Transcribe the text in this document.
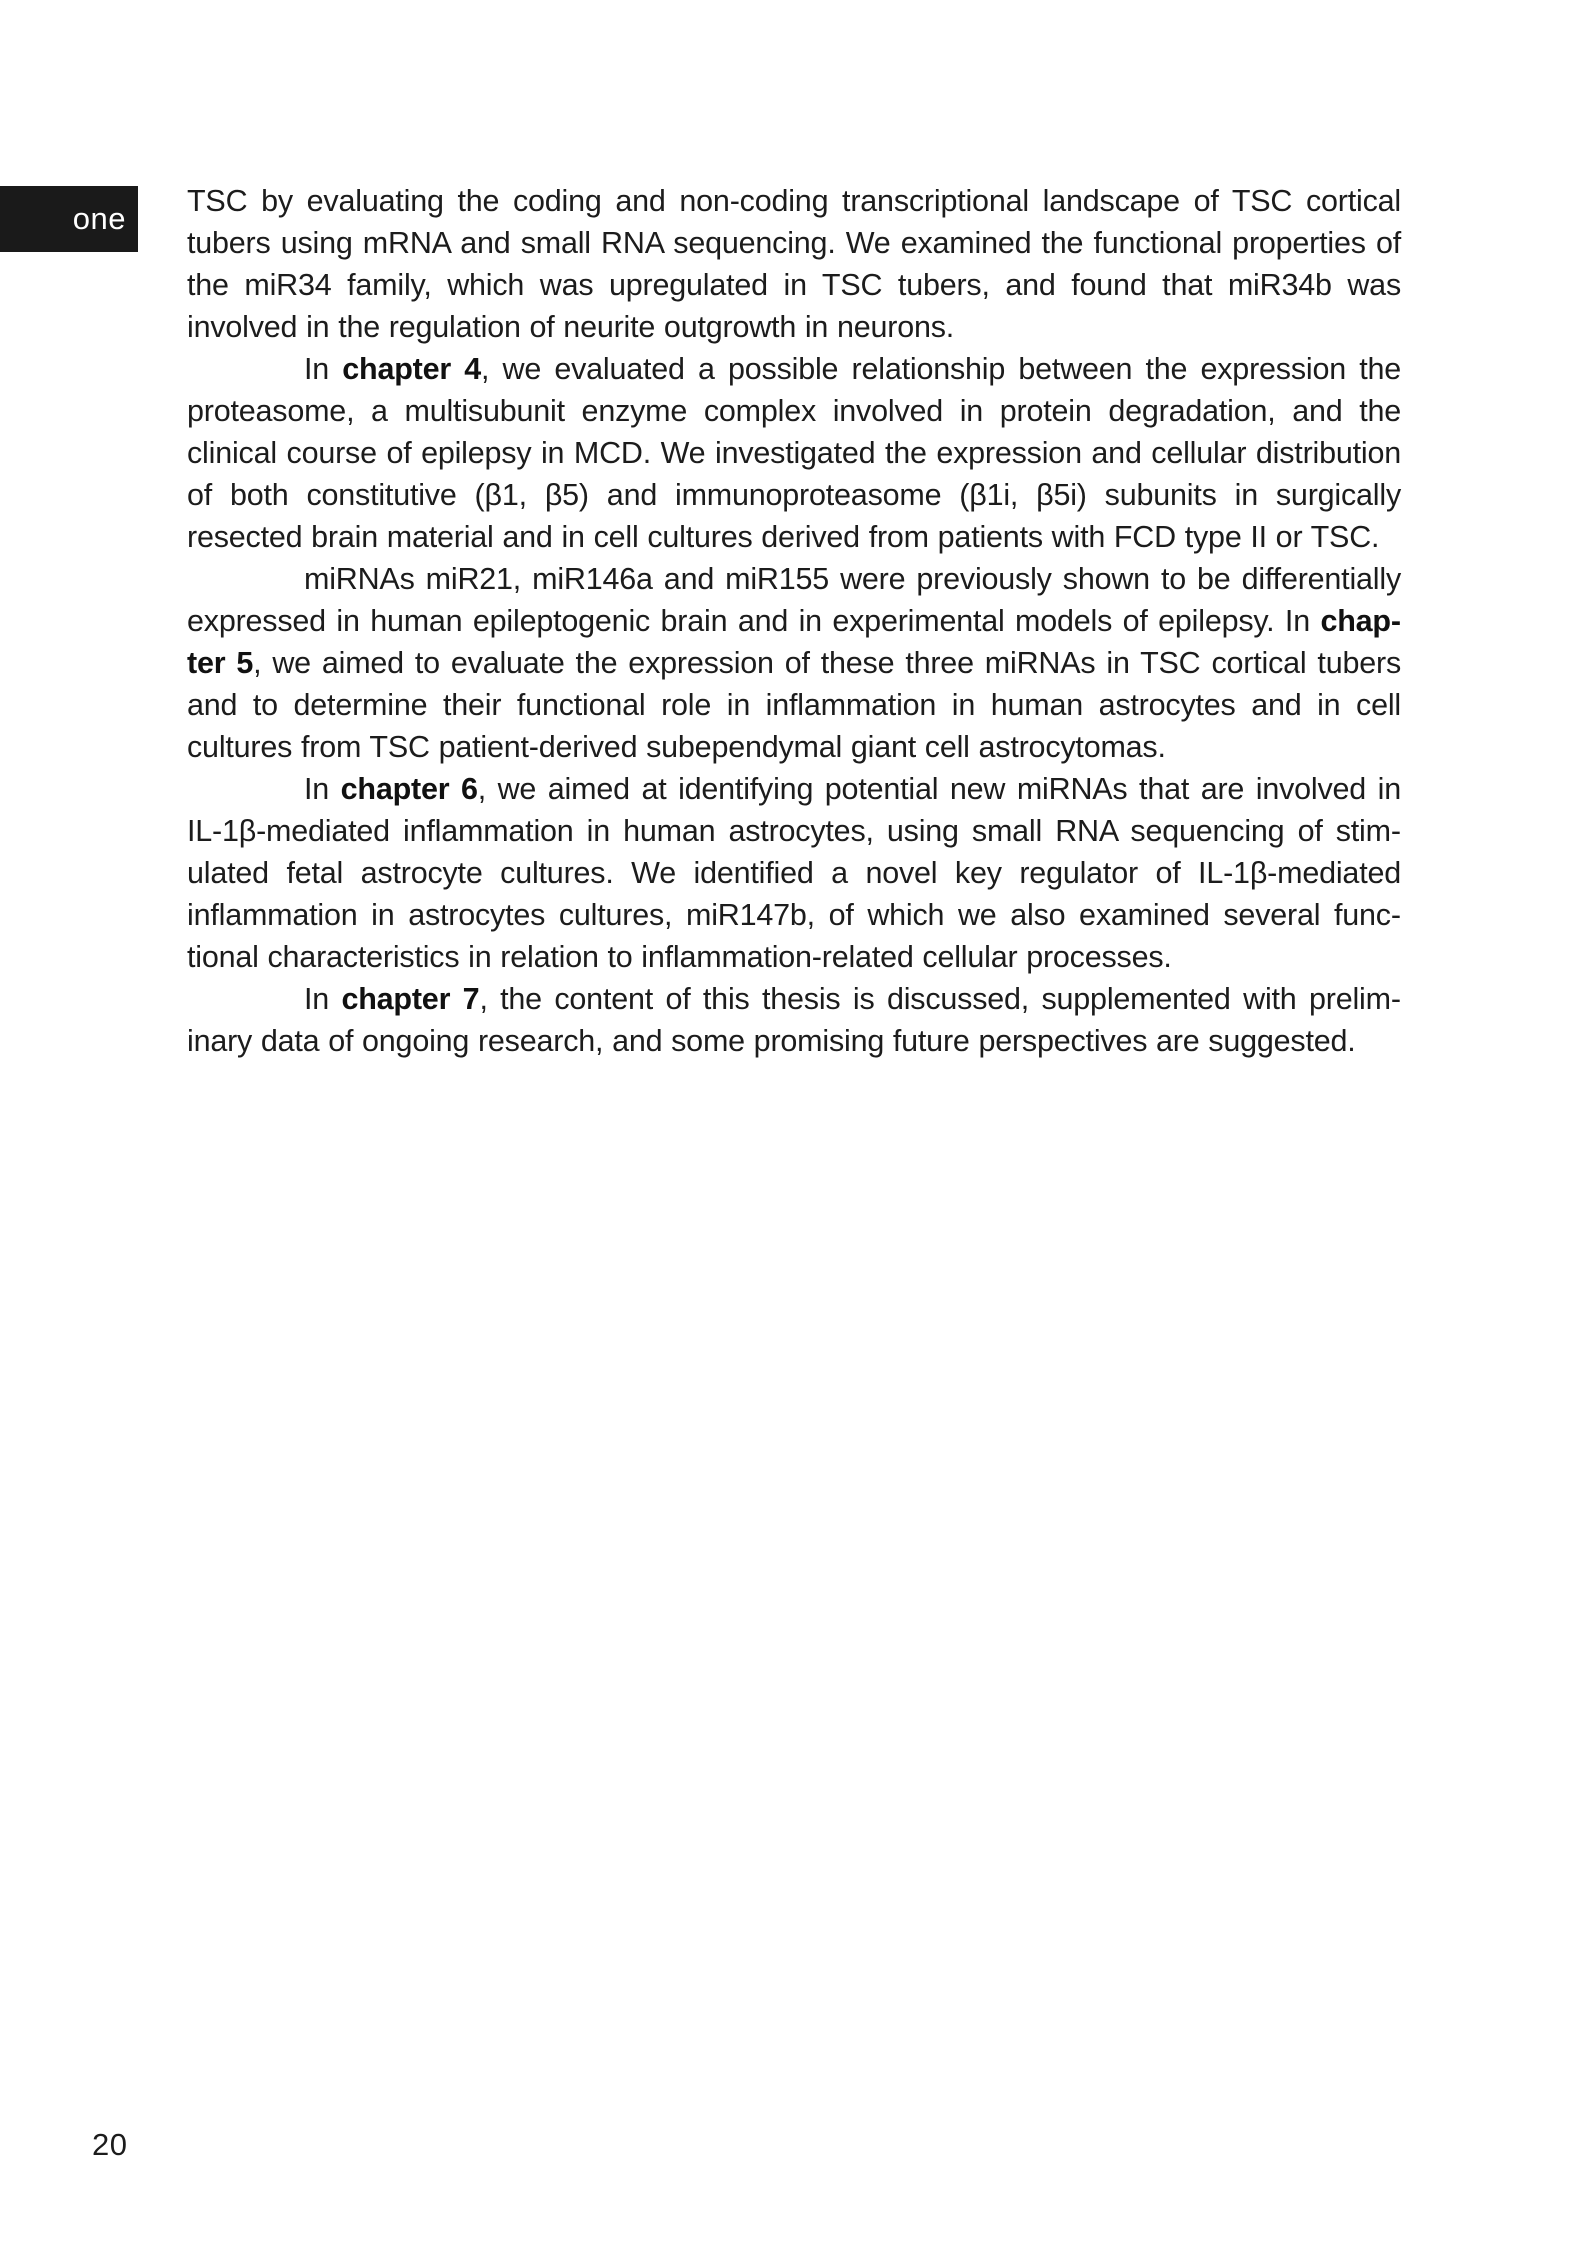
one TSC by evaluating the coding and non-coding transcriptional landscape of TSC cortical tubers using mRNA and small RNA sequencing. We examined the functional properties of the miR34 family, which was upregulated in TSC tubers, and found that miR34b was involved in the regulation of neurite outgrowth in neurons.

In chapter 4, we evaluated a possible relationship between the expression the proteasome, a multisubunit enzyme complex involved in protein degradation, and the clinical course of epilepsy in MCD. We investigated the expression and cellular distribution of both constitutive (β1, β5) and immunoproteasome (β1i, β5i) subunits in surgically resected brain material and in cell cultures derived from patients with FCD type II or TSC.

miRNAs miR21, miR146a and miR155 were previously shown to be differentially expressed in human epileptogenic brain and in experimental models of epilepsy. In chapter 5, we aimed to evaluate the expression of these three miRNAs in TSC cortical tubers and to determine their functional role in inflammation in human astrocytes and in cell cultures from TSC patient-derived subependymal giant cell astrocytomas.

In chapter 6, we aimed at identifying potential new miRNAs that are involved in IL-1β-mediated inflammation in human astrocytes, using small RNA sequencing of stimulated fetal astrocyte cultures. We identified a novel key regulator of IL-1β-mediated inflammation in astrocytes cultures, miR147b, of which we also examined several functional characteristics in relation to inflammation-related cellular processes.

In chapter 7, the content of this thesis is discussed, supplemented with preliminary data of ongoing research, and some promising future perspectives are suggested.

20
